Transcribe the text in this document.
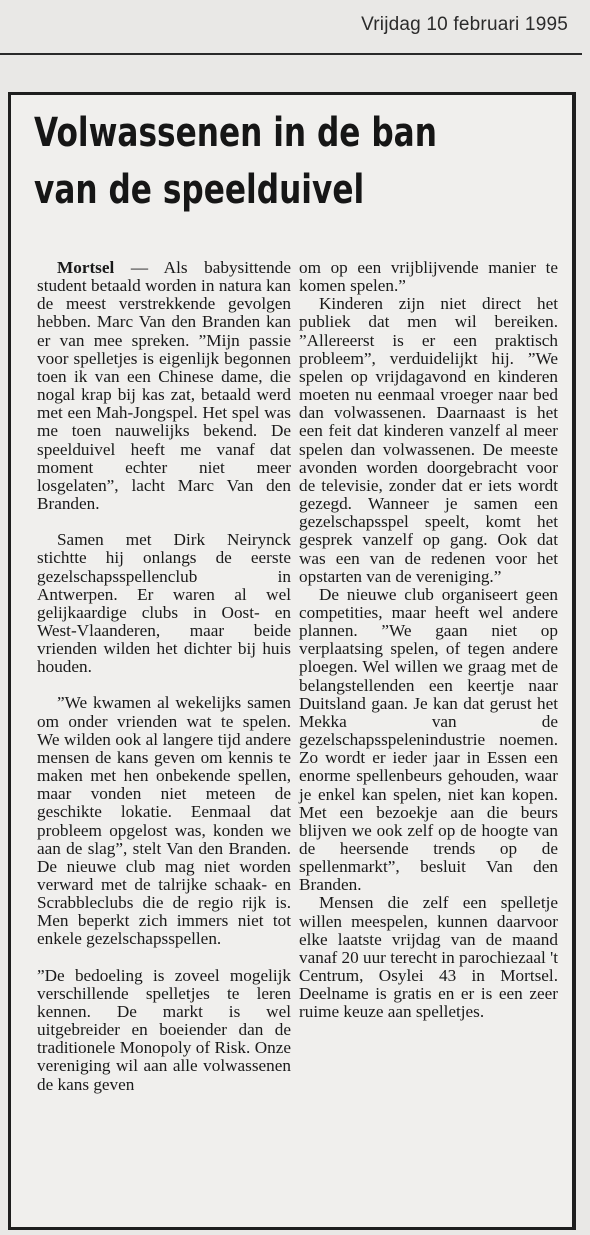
Vrijdag 10 februari 1995
Volwassenen in de ban
van de speelduivel

Mortsel — Als babysittende student betaald worden in natura kan de meest verstrekkende gevolgen hebben. Marc Van den Branden kan er van mee spreken. ”Mijn passie voor spelletjes is eigenlijk begonnen toen ik van een Chinese dame, die nogal krap bij kas zat, betaald werd met een Mah-Jongspel. Het spel was me toen nauwelijks bekend. De speelduivel heeft me vanaf dat moment echter niet meer losgelaten”, lacht Marc Van den Branden.

Samen met Dirk Neirynck stichtte hij onlangs de eerste gezelschapsspellenclub in Antwerpen. Er waren al wel gelijkaardige clubs in Oost- en West-Vlaanderen, maar beide vrienden wilden het dichter bij huis houden.

”We kwamen al wekelijks samen om onder vrienden wat te spelen. We wilden ook al langere tijd andere mensen de kans geven om kennis te maken met hen onbekende spellen, maar vonden niet meteen de geschikte lokatie. Eenmaal dat probleem opgelost was, konden we aan de slag”, stelt Van den Branden. De nieuwe club mag niet worden verward met de talrijke schaak- en Scrabbleclubs die de regio rijk is. Men beperkt zich immers niet tot enkele gezelschapsspellen.

”De bedoeling is zoveel mogelijk verschillende spelletjes te leren kennen. De markt is wel uitgebreider en boeiender dan de traditionele Monopoly of Risk. Onze vereniging wil aan alle volwassenen de kans geven

om op een vrijblijvende manier te komen spelen.”

Kinderen zijn niet direct het publiek dat men wil bereiken. ”Allereerst is er een praktisch probleem”, verduidelijkt hij. ”We spelen op vrijdagavond en kinderen moeten nu eenmaal vroeger naar bed dan volwassenen. Daarnaast is het een feit dat kinderen vanzelf al meer spelen dan volwassenen. De meeste avonden worden doorgebracht voor de televisie, zonder dat er iets wordt gezegd. Wanneer je samen een gezelschapsspel speelt, komt het gesprek vanzelf op gang. Ook dat was een van de redenen voor het opstarten van de vereniging.”

De nieuwe club organiseert geen competities, maar heeft wel andere plannen. ”We gaan niet op verplaatsing spelen, of tegen andere ploegen. Wel willen we graag met de belangstellenden een keertje naar Duitsland gaan. Je kan dat gerust het Mekka van de gezelschapsspelenindustrie noemen. Zo wordt er ieder jaar in Essen een enorme spellenbeurs gehouden, waar je enkel kan spelen, niet kan kopen. Met een bezoekje aan die beurs blijven we ook zelf op de hoogte van de heersende trends op de spellenmarkt”, besluit Van den Branden.

Mensen die zelf een spelletje willen meespelen, kunnen daarvoor elke laatste vrijdag van de maand vanaf 20 uur terecht in parochiezaal 't Centrum, Osylei 43 in Mortsel. Deelname is gratis en er is een zeer ruime keuze aan spelletjes.
